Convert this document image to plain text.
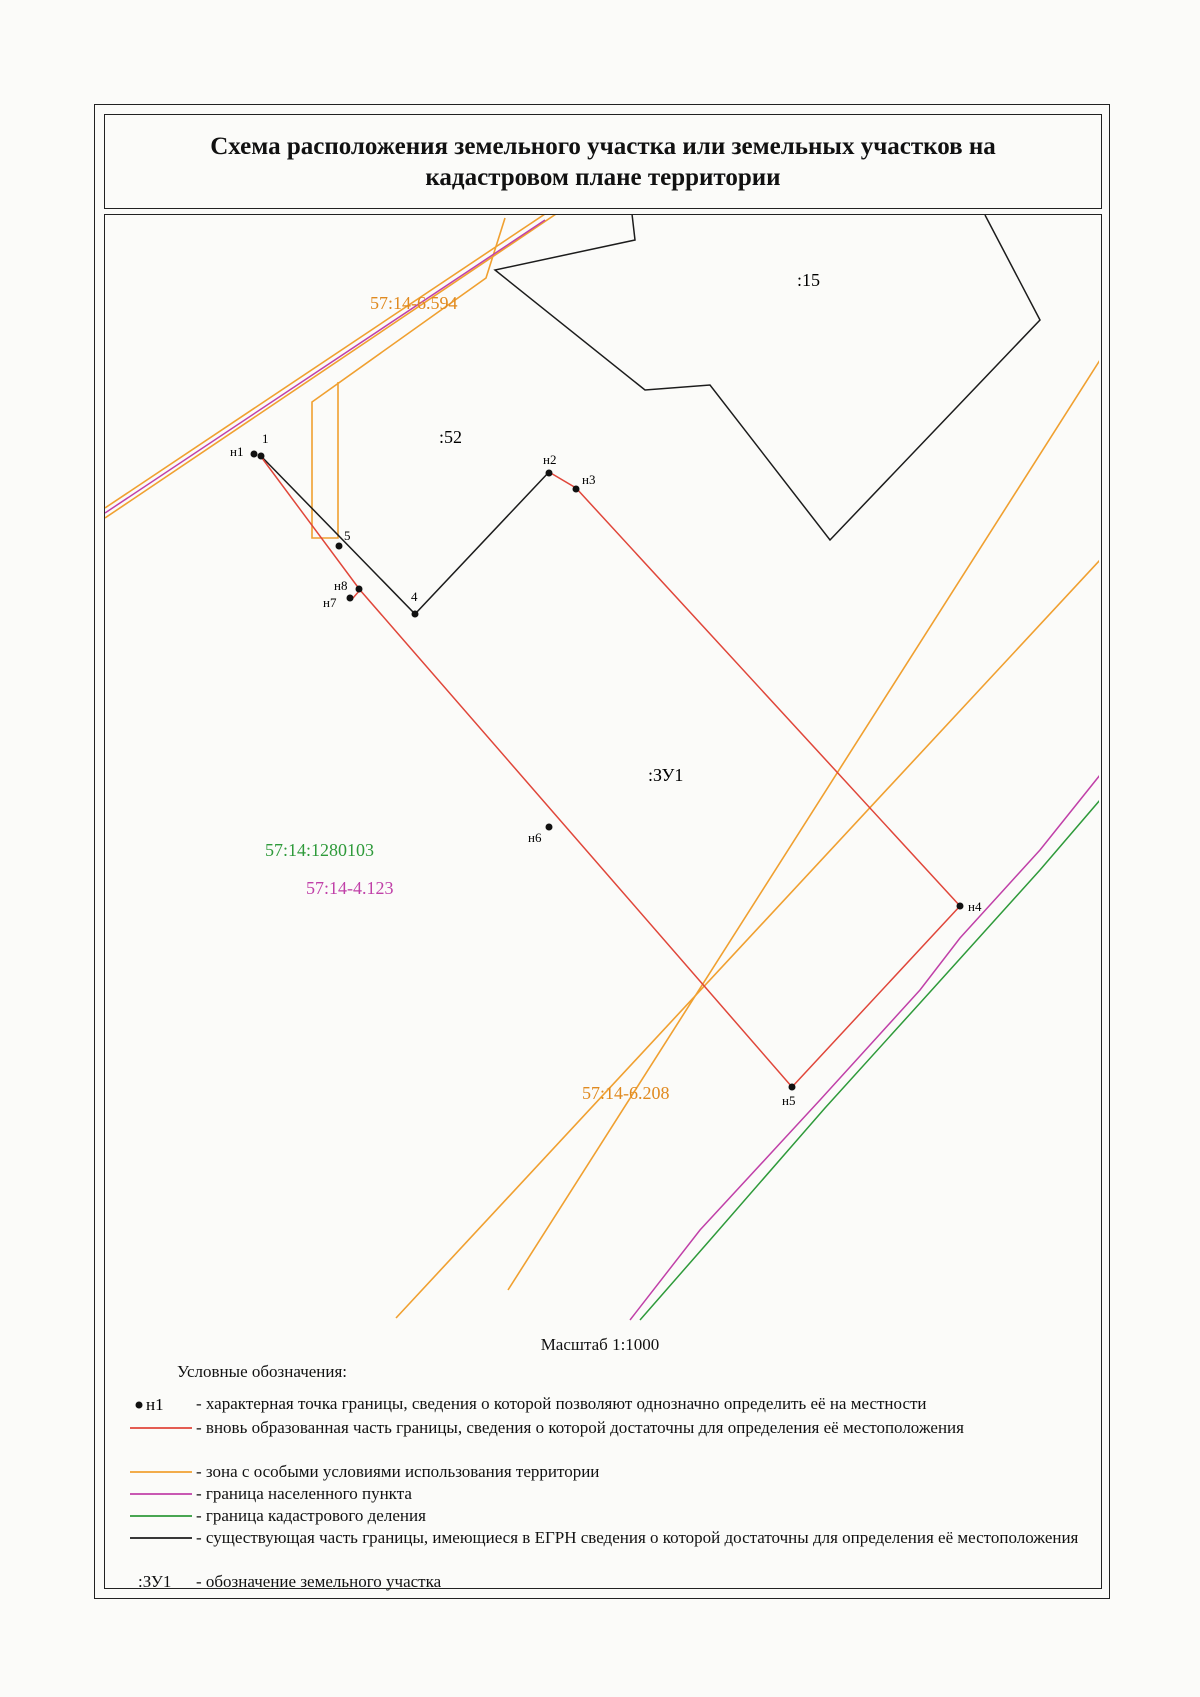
Схема расположения земельного участка или земельных участков на кадастровом плане территории
:15
:52
:ЗУ1
57:14-6.594
57:14-6.208
57:14:1280103
57:14-4.123
н1
1
н2
н3
5
н8
н7	4
н6
н4
н5
Масштаб 1:1000
Условные обозначения:
н1 - характерная точка границы, сведения о которой позволяют однозначно определить её на местности
- вновь образованная часть границы, сведения о которой достаточны для определения её местоположения
- зона с особыми условиями использования территории
- граница населенного пункта
- граница кадастрового деления
- существующая часть границы, имеющиеся в ЕГРН сведения о которой достаточны для определения её местоположения
:ЗУ1	- обозначение земельного участка
